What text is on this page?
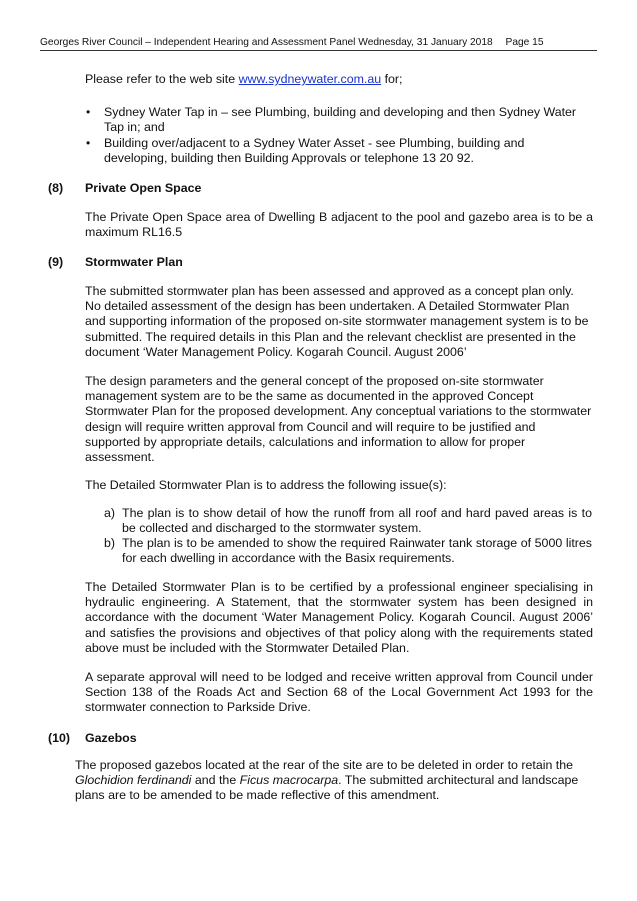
Georges River Council – Independent Hearing and Assessment Panel Wednesday, 31 January 2018 Page 15
Please refer to the web site www.sydneywater.com.au for;
• Sydney Water Tap in – see Plumbing, building and developing and then Sydney Water Tap in; and
• Building over/adjacent to a Sydney Water Asset - see Plumbing, building and developing, building then Building Approvals or telephone 13 20 92.
(8) Private Open Space
The Private Open Space area of Dwelling B adjacent to the pool and gazebo area is to be a maximum RL16.5
(9) Stormwater Plan
The submitted stormwater plan has been assessed and approved as a concept plan only. No detailed assessment of the design has been undertaken. A Detailed Stormwater Plan and supporting information of the proposed on-site stormwater management system is to be submitted. The required details in this Plan and the relevant checklist are presented in the document ‘Water Management Policy. Kogarah Council. August 2006’
The design parameters and the general concept of the proposed on-site stormwater management system are to be the same as documented in the approved Concept Stormwater Plan for the proposed development. Any conceptual variations to the stormwater design will require written approval from Council and will require to be justified and supported by appropriate details, calculations and information to allow for proper assessment.
The Detailed Stormwater Plan is to address the following issue(s):
a) The plan is to show detail of how the runoff from all roof and hard paved areas is to be collected and discharged to the stormwater system.
b) The plan is to be amended to show the required Rainwater tank storage of 5000 litres for each dwelling in accordance with the Basix requirements.
The Detailed Stormwater Plan is to be certified by a professional engineer specialising in hydraulic engineering. A Statement, that the stormwater system has been designed in accordance with the document ‘Water Management Policy. Kogarah Council. August 2006’ and satisfies the provisions and objectives of that policy along with the requirements stated above must be included with the Stormwater Detailed Plan.
A separate approval will need to be lodged and receive written approval from Council under Section 138 of the Roads Act and Section 68 of the Local Government Act 1993 for the stormwater connection to Parkside Drive.
(10) Gazebos
The proposed gazebos located at the rear of the site are to be deleted in order to retain the Glochidion ferdinandi and the Ficus macrocarpa. The submitted architectural and landscape plans are to be amended to be made reflective of this amendment.
